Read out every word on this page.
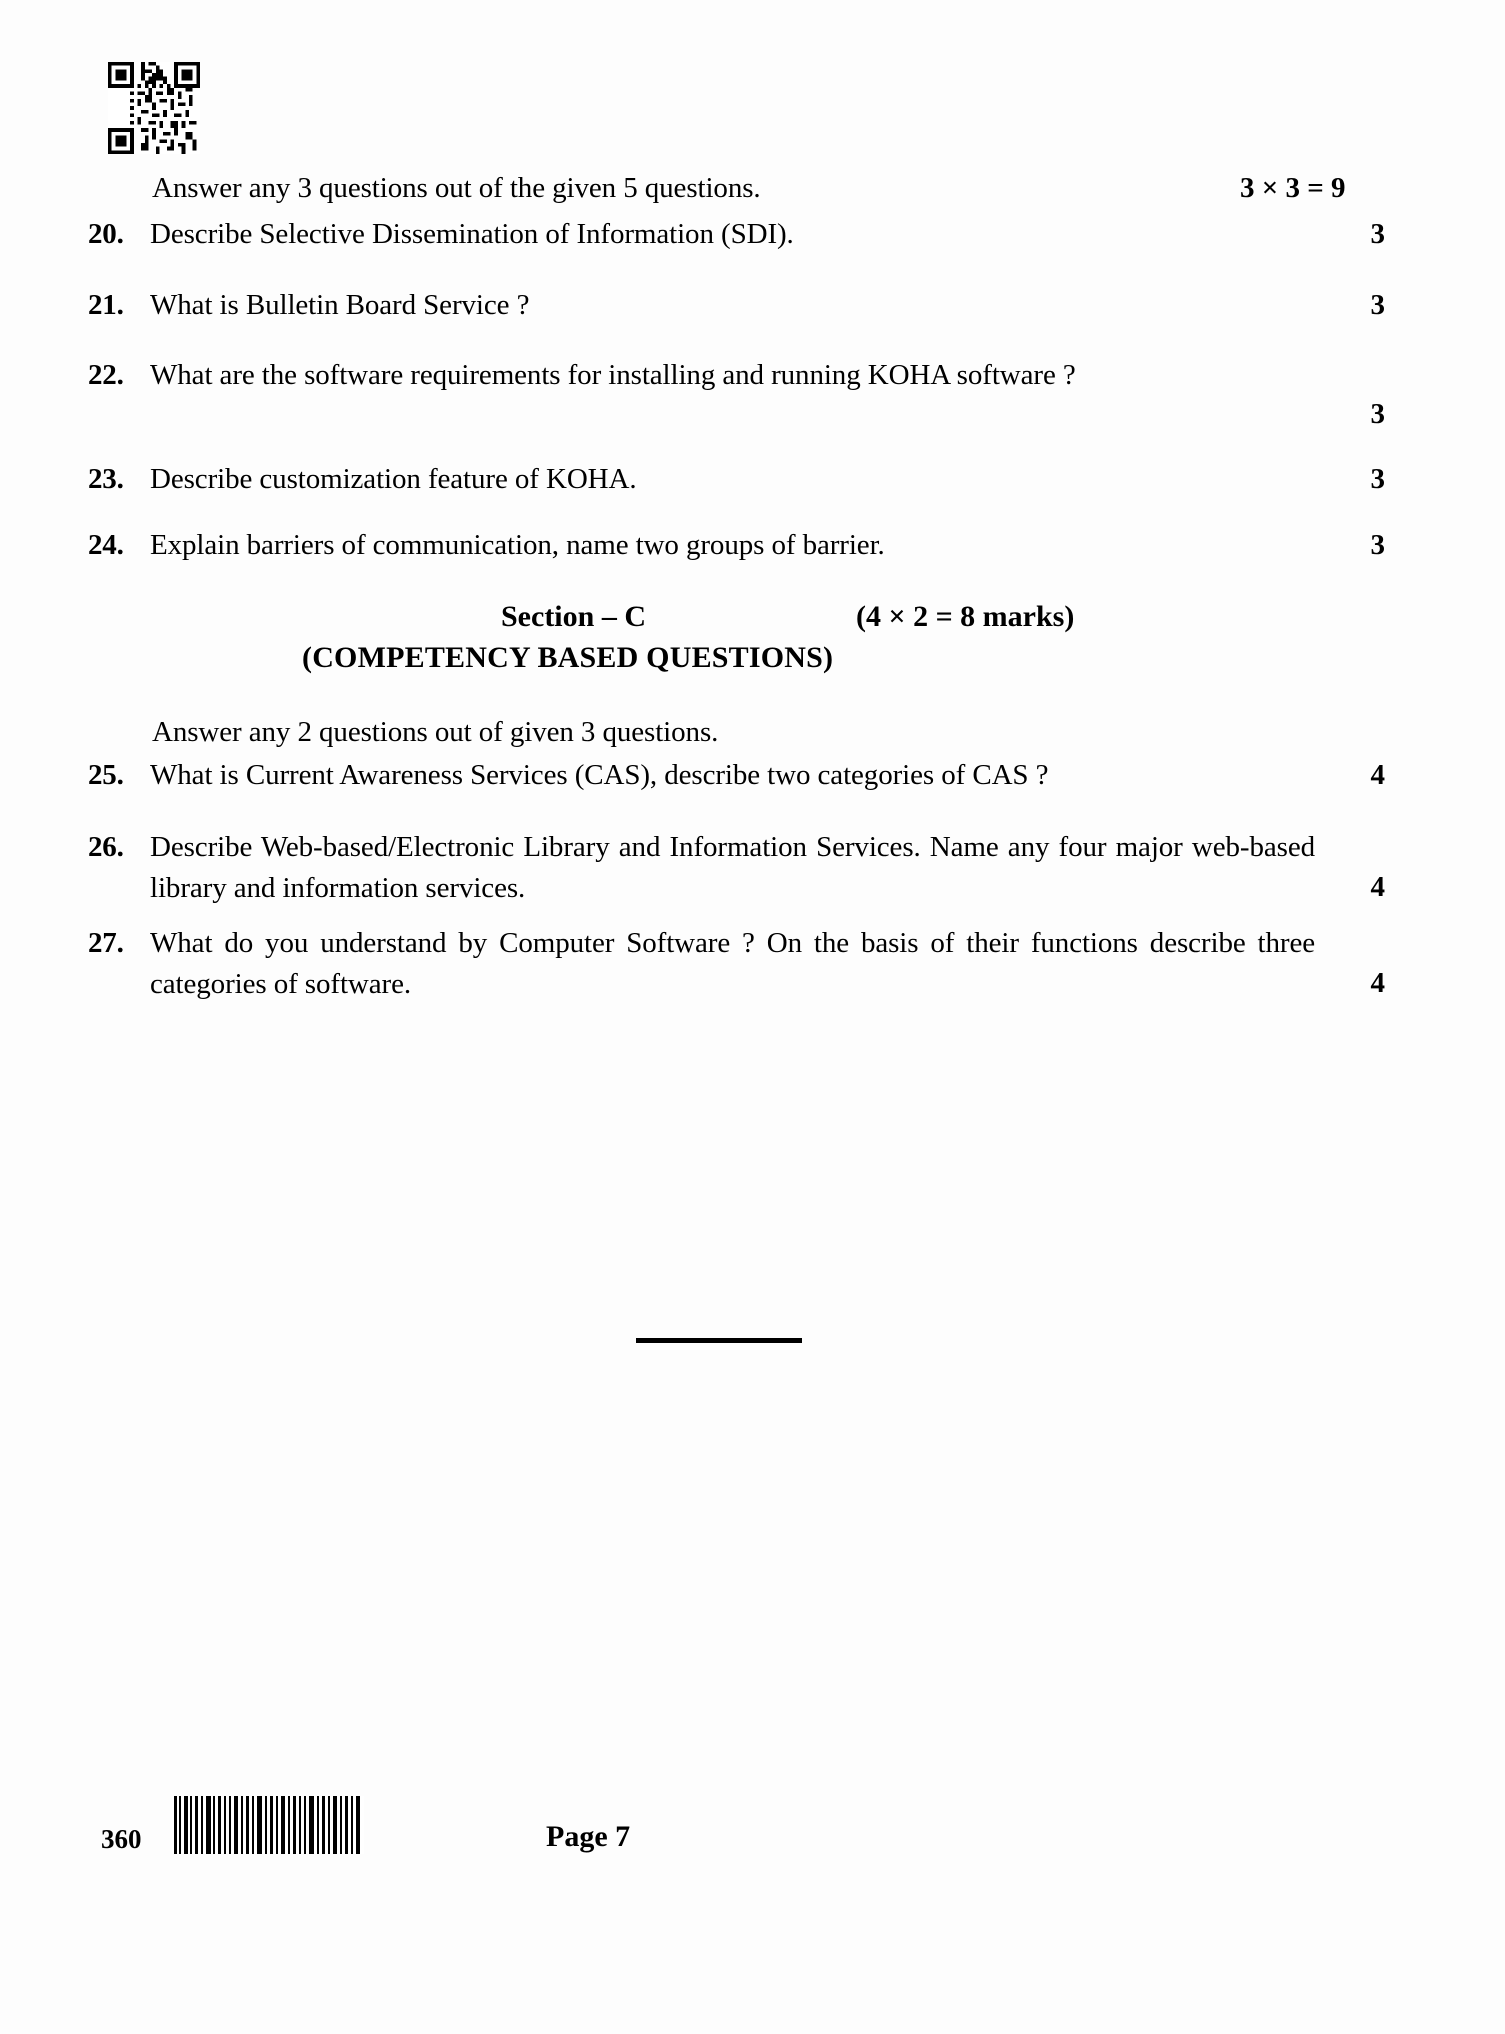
Answer any 3 questions out of the given 5 questions.	3 × 3 = 9
20. Describe Selective Dissemination of Information (SDI).	3
21. What is Bulletin Board Service ?	3
22. What are the software requirements for installing and running KOHA software ?
3
23. Describe customization feature of KOHA.	3
24. Explain barriers of communication, name two groups of barrier.	3
Section – C	(4 × 2 = 8 marks)
(COMPETENCY BASED QUESTIONS)
Answer any 2 questions out of given 3 questions.
25. What is Current Awareness Services (CAS), describe two categories of CAS ?	4
26. Describe Web-based/Electronic Library and Information Services. Name any four major web-based library and information services.	4
27. What do you understand by Computer Software ? On the basis of their functions describe three categories of software.	4
360	Page 7
